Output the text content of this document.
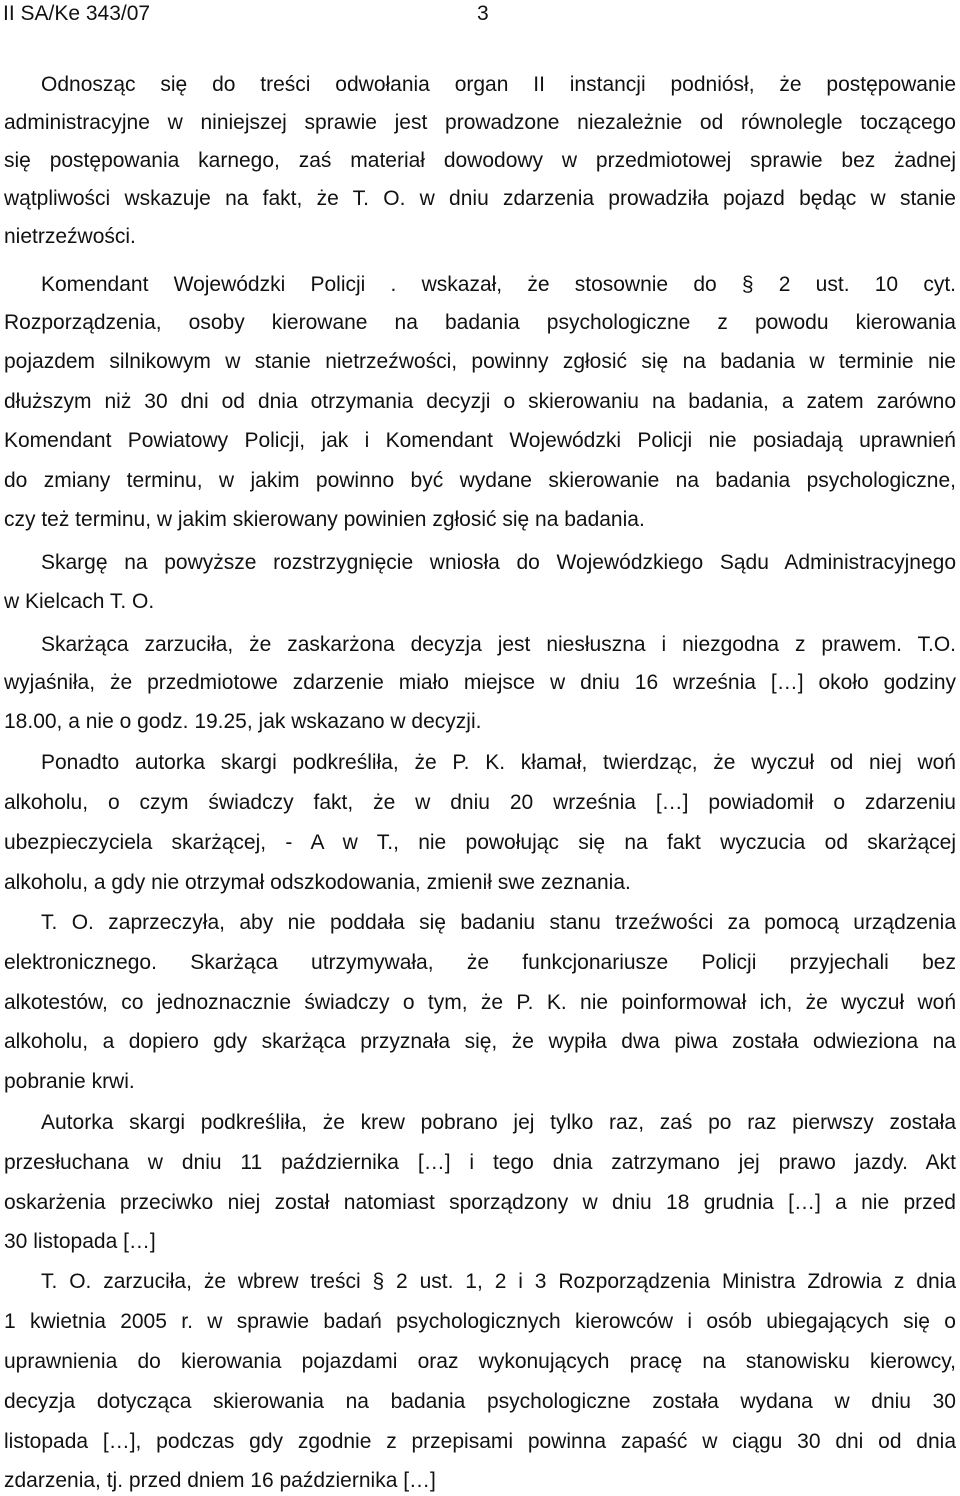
II SA/Ke 343/07	3
Odnosząc się do treści odwołania organ II instancji podniósł, że postępowanie
administracyjne w niniejszej sprawie jest prowadzone niezależnie od równolegle toczącego
się postępowania karnego, zaś materiał dowodowy w przedmiotowej sprawie bez żadnej
wątpliwości wskazuje na fakt, że T. O. w dniu zdarzenia prowadziła pojazd będąc w stanie
nietrzeźwości.
Komendant Wojewódzki Policji . wskazał, że stosownie do § 2 ust. 10 cyt.
Rozporządzenia, osoby kierowane na badania psychologiczne z powodu kierowania
pojazdem silnikowym w stanie nietrzeźwości, powinny zgłosić się na badania w terminie nie
dłuższym niż 30 dni od dnia otrzymania decyzji o skierowaniu na badania, a zatem zarówno
Komendant Powiatowy Policji, jak i Komendant Wojewódzki Policji nie posiadają uprawnień
do zmiany terminu, w jakim powinno być wydane skierowanie na badania psychologiczne,
czy też terminu, w jakim skierowany powinien zgłosić się na badania.
Skargę na powyższe rozstrzygnięcie wniosła do Wojewódzkiego Sądu Administracyjnego
w Kielcach T. O.
Skarżąca zarzuciła, że zaskarżona decyzja jest niesłuszna i niezgodna z prawem. T.O.
wyjaśniła, że przedmiotowe zdarzenie miało miejsce w dniu 16 września […] około godziny
18.00, a nie o godz. 19.25, jak wskazano w decyzji.
Ponadto autorka skargi podkreśliła, że P. K. kłamał, twierdząc, że wyczuł od niej woń
alkoholu, o czym świadczy fakt, że w dniu 20 września […] powiadomił o zdarzeniu
ubezpieczyciela skarżącej, - A w T., nie powołując się na fakt wyczucia od skarżącej
alkoholu, a gdy nie otrzymał odszkodowania, zmienił swe zeznania.
T. O. zaprzeczyła, aby nie poddała się badaniu stanu trzeźwości za pomocą urządzenia
elektronicznego. Skarżąca utrzymywała, że funkcjonariusze Policji przyjechali bez
alkotestów, co jednoznacznie świadczy o tym, że P. K. nie poinformował ich, że wyczuł woń
alkoholu, a dopiero gdy skarżąca przyznała się, że wypiła dwa piwa została odwieziona na
pobranie krwi.
Autorka skargi podkreśliła, że krew pobrano jej tylko raz, zaś po raz pierwszy została
przesłuchana w dniu 11 października […] i tego dnia zatrzymano jej prawo jazdy. Akt
oskarżenia przeciwko niej został natomiast sporządzony w dniu 18 grudnia […] a nie przed
30 listopada […]
T. O. zarzuciła, że wbrew treści § 2 ust. 1, 2 i 3 Rozporządzenia Ministra Zdrowia z dnia
1 kwietnia 2005 r. w sprawie badań psychologicznych kierowców i osób ubiegających się o
uprawnienia do kierowania pojazdami oraz wykonujących pracę na stanowisku kierowcy,
decyzja dotycząca skierowania na badania psychologiczne została wydana w dniu 30
listopada […], podczas gdy zgodnie z przepisami powinna zapaść w ciągu 30 dni od dnia
zdarzenia, tj. przed dniem 16 października […]
